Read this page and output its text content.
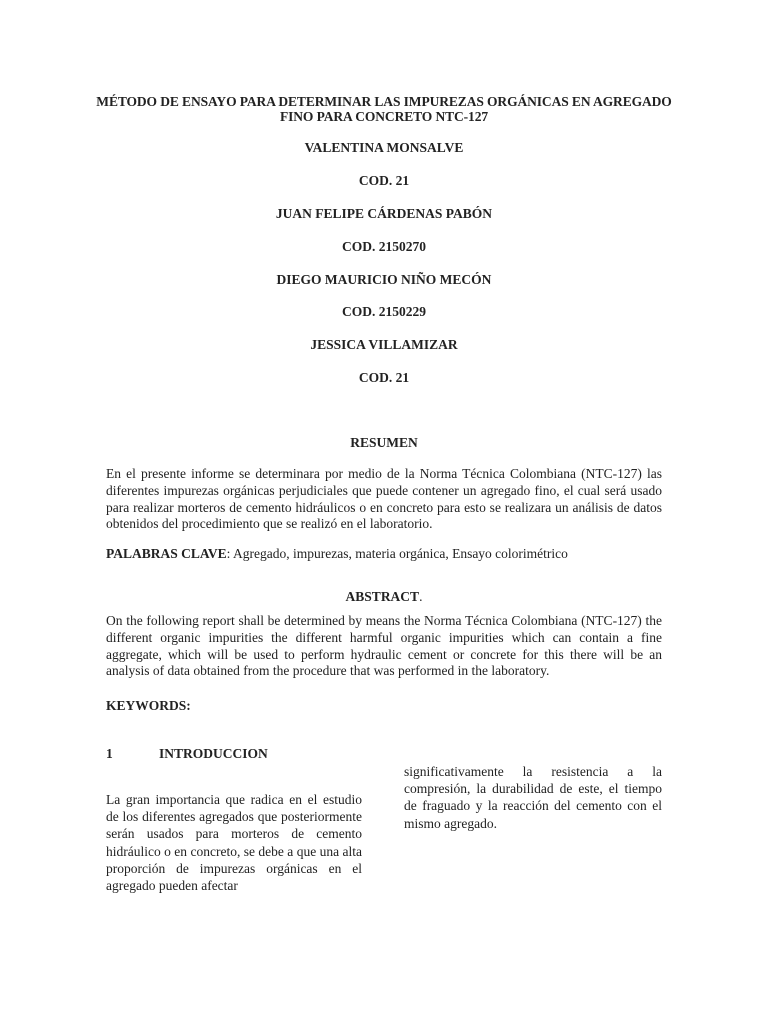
MÉTODO DE ENSAYO PARA DETERMINAR LAS IMPUREZAS ORGÁNICAS EN AGREGADO FINO PARA CONCRETO NTC-127
VALENTINA MONSALVE
COD. 21
JUAN FELIPE CÁRDENAS PABÓN
COD. 2150270
DIEGO MAURICIO NIÑO MECÓN
COD. 2150229
JESSICA VILLAMIZAR
COD. 21
RESUMEN
En el presente informe se determinara por medio de la Norma Técnica Colombiana (NTC-127) las diferentes impurezas orgánicas perjudiciales que puede contener un agregado fino, el cual será usado para realizar morteros de cemento hidráulicos o en concreto para esto se realizara un análisis de datos obtenidos del procedimiento que se realizó en el laboratorio.
PALABRAS CLAVE: Agregado, impurezas, materia orgánica, Ensayo colorimétrico
ABSTRACT.
On the following report shall be determined by means the Norma Técnica Colombiana (NTC-127) the different organic impurities the different harmful organic impurities which can contain a fine aggregate, which will be used to perform hydraulic cement or concrete for this there will be an analysis of data obtained from the procedure that was performed in the laboratory.
KEYWORDS:
1	INTRODUCCION
La gran importancia que radica en el estudio de los diferentes agregados que posteriormente serán usados para morteros de cemento hidráulico o en concreto, se debe a que una alta proporción de impurezas orgánicas en el agregado pueden afectar
significativamente la resistencia a la compresión, la durabilidad de este, el tiempo de fraguado y la reacción del cemento con el mismo agregado.
